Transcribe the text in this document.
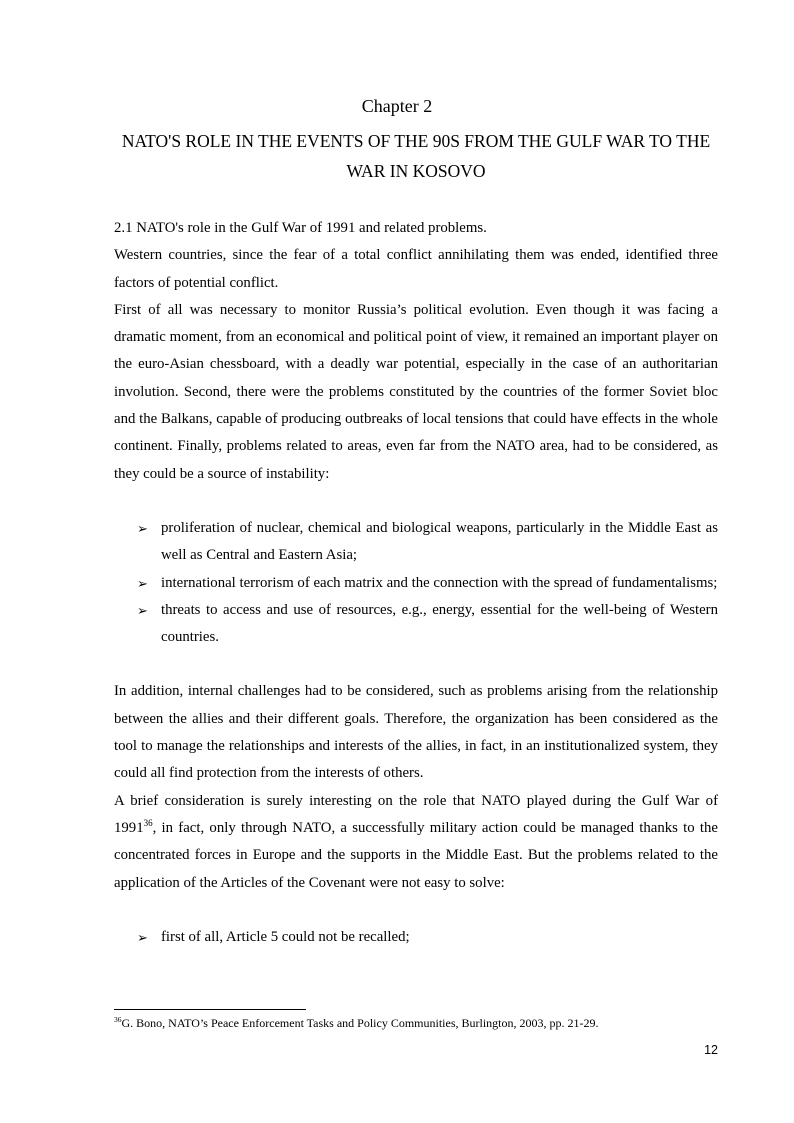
Chapter 2
NATO'S ROLE IN THE EVENTS OF THE 90S FROM THE GULF WAR TO THE WAR IN KOSOVO

2.1 NATO's role in the Gulf War of 1991 and related problems.

Western countries, since the fear of a total conflict annihilating them was ended, identified three factors of potential conflict.

First of all was necessary to monitor Russia’s political evolution. Even though it was facing a dramatic moment, from an economical and political point of view, it remained an important player on the euro-Asian chessboard, with a deadly war potential, especially in the case of an authoritarian involution. Second, there were the problems constituted by the countries of the former Soviet bloc and the Balkans, capable of producing outbreaks of local tensions that could have effects in the whole continent. Finally, problems related to areas, even far from the NATO area, had to be considered, as they could be a source of instability:

➢ proliferation of nuclear, chemical and biological weapons, particularly in the Middle East as well as Central and Eastern Asia;
➢ international terrorism of each matrix and the connection with the spread of fundamentalisms;
➢ threats to access and use of resources, e.g., energy, essential for the well-being of Western countries.

In addition, internal challenges had to be considered, such as problems arising from the relationship between the allies and their different goals. Therefore, the organization has been considered as the tool to manage the relationships and interests of the allies, in fact, in an institutionalized system, they could all find protection from the interests of others.

A brief consideration is surely interesting on the role that NATO played during the Gulf War of 1991$^{36}$, in fact, only through NATO, a successfully military action could be managed thanks to the concentrated forces in Europe and the supports in the Middle East. But the problems related to the application of the Articles of the Covenant were not easy to solve:

➢ first of all, Article 5 could not be recalled;
$^{36}$G. Bono, NATO’s Peace Enforcement Tasks and Policy Communities, Burlington, 2003, pp. 21-29.
12
